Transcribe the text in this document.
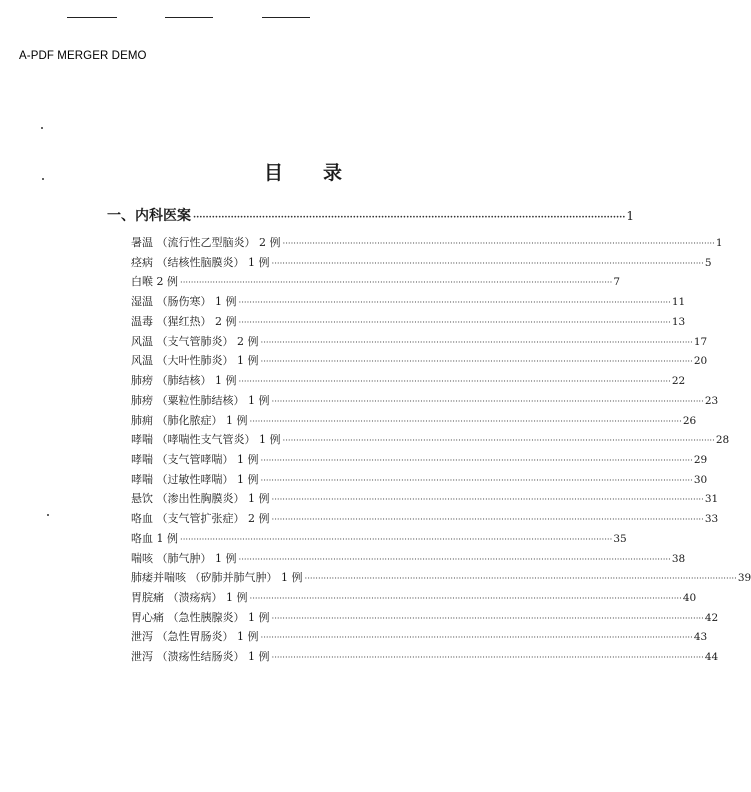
A-PDF MERGER DEMO
目 录
一、内科医案 ·········································································································································· 1
暑温 （流行性乙型脑炎） 2 例 ································································································································································ 1
痉病 （结核性脑膜炎） 1 例 ································································································································································ 5
白喉 2 例 ································································································································································ 7
湿温 （肠伤寒） 1 例 ································································································································································ 11
温毒 （猩红热） 2 例 ································································································································································ 13
风温 （支气管肺炎） 2 例 ································································································································································ 17
风温 （大叶性肺炎） 1 例 ································································································································································ 20
肺痨 （肺结核） 1 例 ································································································································································ 22
肺痨 （粟粒性肺结核） 1 例 ································································································································································ 23
肺痈 （肺化脓症） 1 例 ································································································································································ 26
哮喘 （哮喘性支气管炎） 1 例 ································································································································································ 28
哮喘 （支气管哮喘） 1 例 ································································································································································ 29
哮喘 （过敏性哮喘） 1 例 ································································································································································ 30
悬饮 （渗出性胸膜炎） 1 例 ································································································································································ 31
咯血 （支气管扩张症） 2 例 ································································································································································ 33
咯血 1 例 ································································································································································ 35
喘咳 （肺气肿） 1 例 ································································································································································ 38
肺痿并喘咳 （矽肺并肺气肿） 1 例 ································································································································································ 39
胃脘痛 （溃疡病） 1 例 ································································································································································ 40
胃心痛 （急性胰腺炎） 1 例 ································································································································································ 42
泄泻 （急性胃肠炎） 1 例 ································································································································································ 43
泄泻 （溃疡性结肠炎） 1 例 ································································································································································ 44
